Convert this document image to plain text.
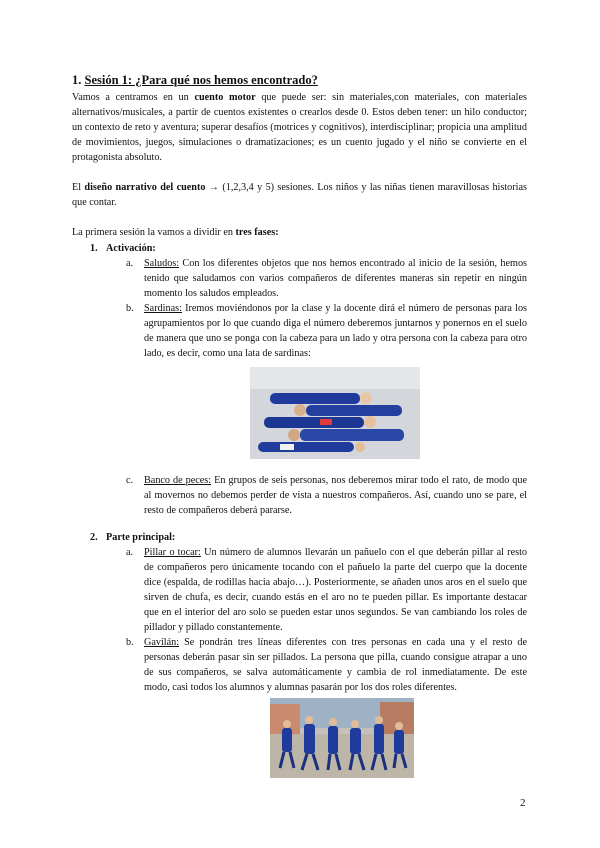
1. Sesión 1: ¿Para qué nos hemos encontrado?

Vamos a centramos en un cuento motor que puede ser: sin materiales,con materiales, con materiales alternativos/musicales, a partir de cuentos existentes o crearlos desde 0. Estos deben tener: un hilo conductor; un contexto de reto y aventura; superar desafíos (motrices y cognitivos), interdisciplinar; propicia una amplitud de movimientos, juegos, simulaciones o dramatizaciones; es un cuento jugado y el niño se convierte en el protagonista absoluto.

El diseño narrativo del cuento → (1,2,3,4 y 5) sesiones. Los niños y las niñas tienen maravillosas historias que contar.

La primera sesión la vamos a dividir en tres fases:

1. Activación:
a.	Saludos: Con los diferentes objetos que nos hemos encontrado al inicio de la sesión, hemos tenido que saludamos con varios compañeros de diferentes maneras sin repetir en ningún momento los saludos empleados.
b.	Sardinas: Iremos moviéndonos por la clase y la docente dirá el número de personas para los agrupamientos por lo que cuando diga el número deberemos juntarnos y ponernos en el suelo de manera que uno se ponga con la cabeza para un lado y otra persona con la cabeza para otro lado, es decir, como una lata de sardinas:
c.	Banco de peces: En grupos de seis personas, nos deberemos mirar todo el rato, de modo que al movernos no debemos perder de vista a nuestros compañeros. Así, cuando uno se pare, el resto de compañeros deberá pararse.
2. Parte principal:
a.	Pillar o tocar: Un número de alumnos llevarán un pañuelo con el que deberán pillar al resto de compañeros pero únicamente tocando con el pañuelo la parte del cuerpo que la docente dice (espalda, de rodillas hacia abajo…). Posteriormente, se añaden unos aros en el suelo que sirven de chufa, es decir, cuando estás en el aro no te pueden pillar. Es importante destacar que en el interior del aro solo se pueden estar unos segundos. Se van cambiando los roles de pillador y pillado constantemente.
b.	Gavilán: Se pondrán tres líneas diferentes con tres personas en cada una y el resto de personas deberán pasar sin ser pillados. La persona que pilla, cuando consigue atrapar a uno de sus compañeros, se salva automáticamente y cambia de rol inmediatamente. De este modo, casi todos los alumnos y alumnas pasarán por los dos roles diferentes.
2
